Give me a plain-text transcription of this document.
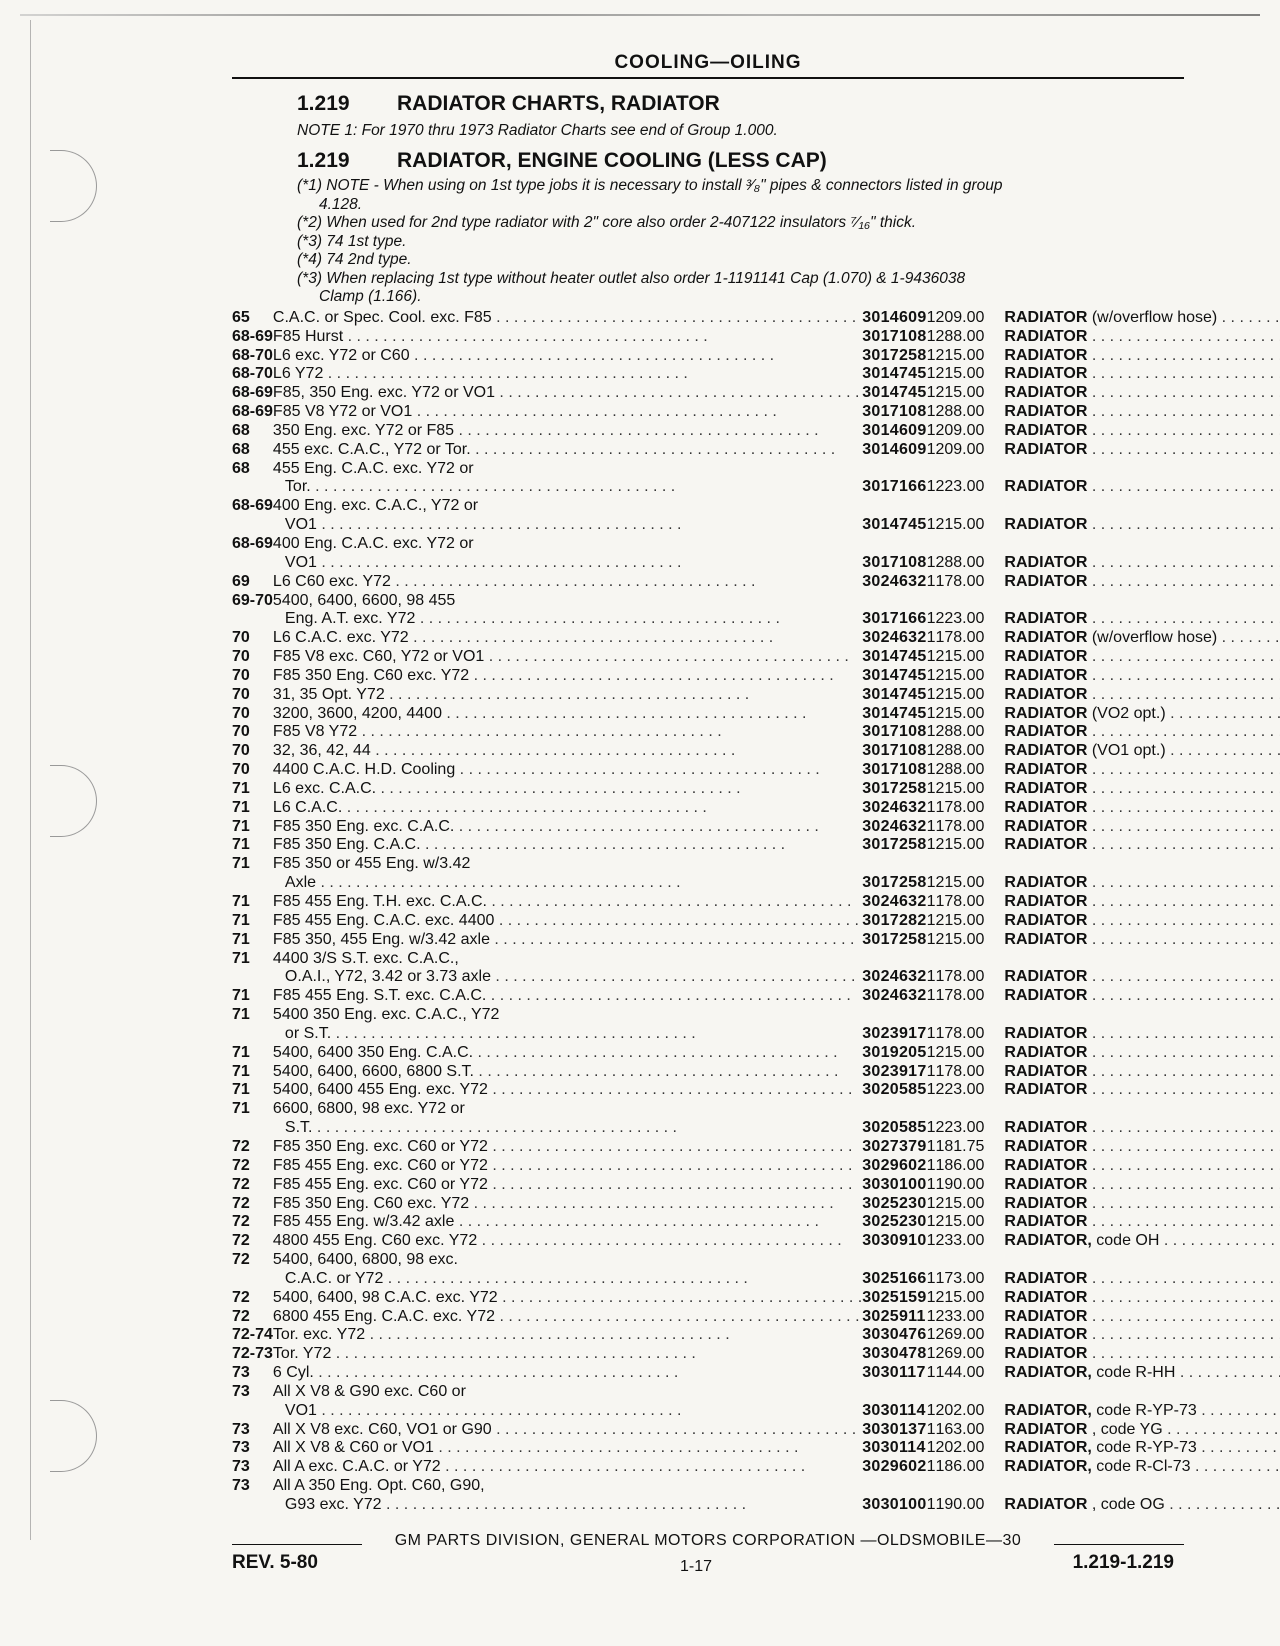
COOLING—OILING
1.219 RADIATOR CHARTS, RADIATOR
NOTE 1: For 1970 thru 1973 Radiator Charts see end of Group 1.000.
1.219 RADIATOR, ENGINE COOLING (LESS CAP)
(*1) NOTE - When using on 1st type jobs it is necessary to install ³⁄₈" pipes & connectors listed in group
4.128.
(*2) When used for 2nd type radiator with 2" core also order 2-407122 insulators ⁷⁄₁₆" thick.
(*3) 74 1st type.
(*4) 74 2nd type.
(*3) When replacing 1st type without heater outlet also order 1-1191141 Cap (1.070) & 1-9436038
Clamp (1.166).
65	C.A.C. or Spec. Cool. exc. F85 . . .	3014609	1	209.00	RADIATOR (w/overflow hose) . . .
68-69	F85 Hurst . . .	3017108	1	288.00	RADIATOR . . .
68-70	L6 exc. Y72 or C60 . . .	3017258	1	215.00	RADIATOR . . .
68-70	L6 Y72 . . .	3014745	1	215.00	RADIATOR . . .
68-69	F85, 350 Eng. exc. Y72 or VO1 . . .	3014745	1	215.00	RADIATOR . . .
68-69	F85 V8 Y72 or VO1 . . .	3017108	1	288.00	RADIATOR . . .
68	350 Eng. exc. Y72 or F85 . . .	3014609	1	209.00	RADIATOR . . .
68	455 exc. C.A.C., Y72 or Tor. . . .	3014609	1	209.00	RADIATOR . . .
68	455 Eng. C.A.C. exc. Y72 or				
	Tor. . . .	3017166	1	223.00	RADIATOR . . .
68-69	400 Eng. exc. C.A.C., Y72 or				
	VO1 . . .	3014745	1	215.00	RADIATOR . . .
68-69	400 Eng. C.A.C. exc. Y72 or				
	VO1 . . .	3017108	1	288.00	RADIATOR . . .
69	L6 C60 exc. Y72 . . .	3024632	1	178.00	RADIATOR . . .
69-70	5400, 6400, 6600, 98 455				
	Eng. A.T. exc. Y72 . . .	3017166	1	223.00	RADIATOR . . .
70	L6 C.A.C. exc. Y72 . . .	3024632	1	178.00	RADIATOR (w/overflow hose) . . .
70	F85 V8 exc. C60, Y72 or VO1 . . .	3014745	1	215.00	RADIATOR . . .
70	F85 350 Eng. C60 exc. Y72 . . .	3014745	1	215.00	RADIATOR . . .
70	31, 35 Opt. Y72 . . .	3014745	1	215.00	RADIATOR . . .
70	3200, 3600, 4200, 4400 . . .	3014745	1	215.00	RADIATOR (VO2 opt.) . . .
70	F85 V8 Y72 . . .	3017108	1	288.00	RADIATOR . . .
70	32, 36, 42, 44 . . .	3017108	1	288.00	RADIATOR (VO1 opt.) . . .
70	4400 C.A.C. H.D. Cooling . . .	3017108	1	288.00	RADIATOR . . .
71	L6 exc. C.A.C. . . .	3017258	1	215.00	RADIATOR . . .
71	L6 C.A.C. . . .	3024632	1	178.00	RADIATOR . . .
71	F85 350 Eng. exc. C.A.C. . . .	3024632	1	178.00	RADIATOR . . .
71	F85 350 Eng. C.A.C. . . .	3017258	1	215.00	RADIATOR . . .
71	F85 350 or 455 Eng. w/3.42				
	Axle . . .	3017258	1	215.00	RADIATOR . . .
71	F85 455 Eng. T.H. exc. C.A.C. . . .	3024632	1	178.00	RADIATOR . . .
71	F85 455 Eng. C.A.C. exc. 4400 . . .	3017282	1	215.00	RADIATOR . . .
71	F85 350, 455 Eng. w/3.42 axle . . .	3017258	1	215.00	RADIATOR . . .
71	4400 3/S S.T. exc. C.A.C.,				
	O.A.I., Y72, 3.42 or 3.73 axle . . .	3024632	1	178.00	RADIATOR . . .
71	F85 455 Eng. S.T. exc. C.A.C. . . .	3024632	1	178.00	RADIATOR . . .
71	5400 350 Eng. exc. C.A.C., Y72				
	or S.T. . . .	3023917	1	178.00	RADIATOR . . .
71	5400, 6400 350 Eng. C.A.C. . . .	3019205	1	215.00	RADIATOR . . .
71	5400, 6400, 6600, 6800 S.T. . . .	3023917	1	178.00	RADIATOR . . .
71	5400, 6400 455 Eng. exc. Y72 . . .	3020585	1	223.00	RADIATOR . . .
71	6600, 6800, 98 exc. Y72 or				
	S.T. . . .	3020585	1	223.00	RADIATOR . . .
72	F85 350 Eng. exc. C60 or Y72 . . .	3027379	1	181.75	RADIATOR . . .
72	F85 455 Eng. exc. C60 or Y72 . . .	3029602	1	186.00	RADIATOR . . .
72	F85 455 Eng. exc. C60 or Y72 . . .	3030100	1	190.00	RADIATOR . . .
72	F85 350 Eng. C60 exc. Y72 . . .	3025230	1	215.00	RADIATOR . . .
72	F85 455 Eng. w/3.42 axle . . .	3025230	1	215.00	RADIATOR . . .
72	4800 455 Eng. C60 exc. Y72 . . .	3030910	1	233.00	RADIATOR, code OH . . .
72	5400, 6400, 6800, 98 exc.				
	C.A.C. or Y72 . . .	3025166	1	173.00	RADIATOR . . .
72	5400, 6400, 98 C.A.C. exc. Y72 . . .	3025159	1	215.00	RADIATOR . . .
72	6800 455 Eng. C.A.C. exc. Y72 . . .	3025911	1	233.00	RADIATOR . . .
72-74	Tor. exc. Y72 . . .	3030476	1	269.00	RADIATOR . . .
72-73	Tor. Y72 . . .	3030478	1	269.00	RADIATOR . . .
73	6 Cyl. . . .	3030117	1	144.00	RADIATOR, code R-HH . . .
73	All X V8 & G90 exc. C60 or				
	VO1 . . .	3030114	1	202.00	RADIATOR, code R-YP-73 . . .
73	All X V8 exc. C60, VO1 or G90 . . .	3030137	1	163.00	RADIATOR , code YG . . .
73	All X V8 & C60 or VO1 . . .	3030114	1	202.00	RADIATOR, code R-YP-73 . . .
73	All A exc. C.A.C. or Y72 . . .	3029602	1	186.00	RADIATOR, code R-Cl-73 . . .
73	All A 350 Eng. Opt. C60, G90,				
	G93 exc. Y72 . . .	3030100	1	190.00	RADIATOR , code OG . . .
GM PARTS DIVISION, GENERAL MOTORS CORPORATION —OLDSMOBILE—30
REV. 5-80	1-17	1.219-1.219
